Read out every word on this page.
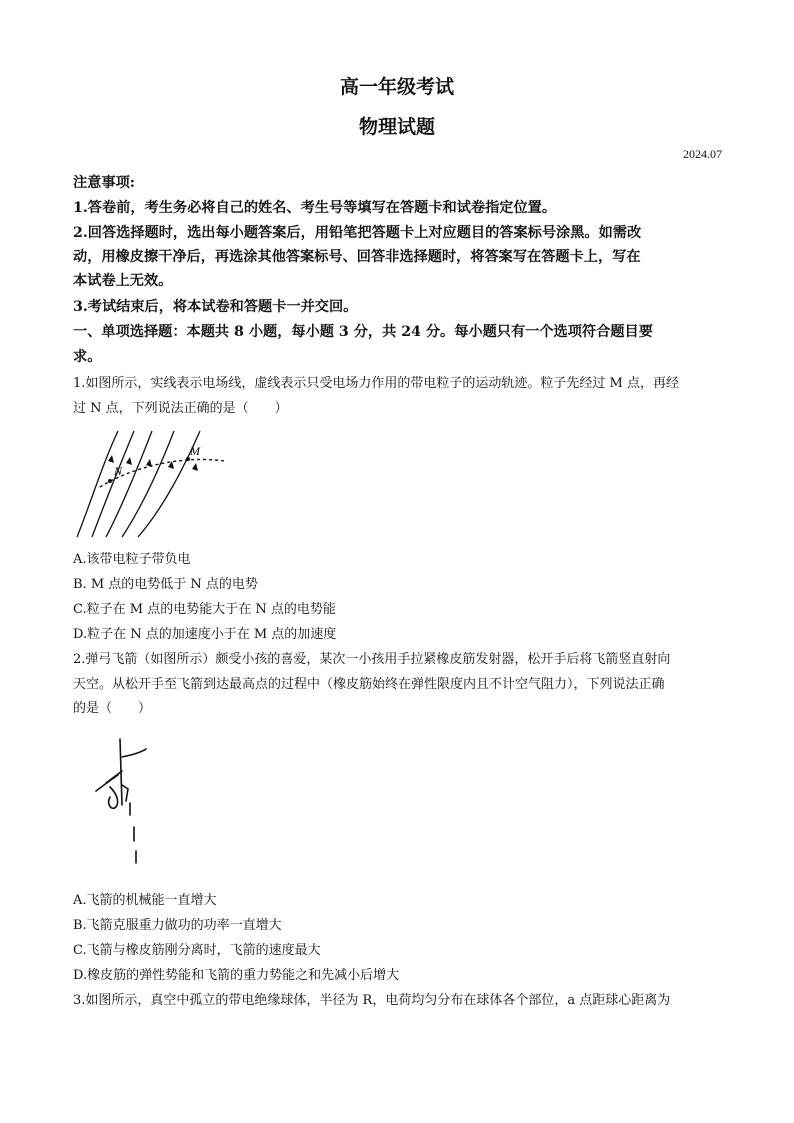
高一年级考试
物理试题
2024.07
注意事项:
1.答卷前，考生务必将自己的姓名、考生号等填写在答题卡和试卷指定位置。
2.回答选择题时，选出每小题答案后，用铅笔把答题卡上对应题目的答案标号涂黑。如需改
动，用橡皮擦干净后，再选涂其他答案标号、回答非选择题时，将答案写在答题卡上，写在
本试卷上无效。
3.考试结束后，将本试卷和答题卡一并交回。
一、单项选择题：本题共 8 小题，每小题 3 分，共 24 分。每小题只有一个选项符合题目要
求。
1.如图所示，实线表示电场线，虚线表示只受电场力作用的带电粒子的运动轨迹。粒子先经过 M 点，再经
过 N 点，下列说法正确的是（　　）
N
M
A.该带电粒子带负电
B. M 点的电势低于 N 点的电势
C.粒子在 M 点的电势能大于在 N 点的电势能
D.粒子在 N 点的加速度小于在 M 点的加速度
2.弹弓飞箭（如图所示）颇受小孩的喜爱，某次一小孩用手拉紧橡皮筋发射器，松开手后将飞箭竖直射向
天空。从松开手至飞箭到达最高点的过程中（橡皮筋始终在弹性限度内且不计空气阻力），下列说法正确
的是（　　）
A.飞箭的机械能一直增大
B.飞箭克服重力做功的功率一直增大
C.飞箭与橡皮筋刚分离时，飞箭的速度最大
D.橡皮筋的弹性势能和飞箭的重力势能之和先减小后增大
3.如图所示，真空中孤立的带电绝缘球体，半径为 R，电荷均匀分布在球体各个部位，a 点距球心距离为
